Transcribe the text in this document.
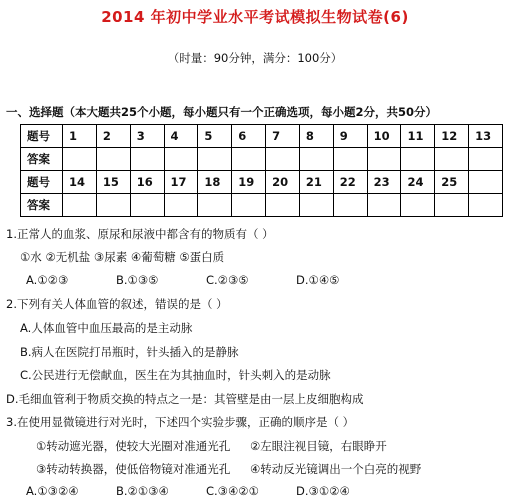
2014 年初中学业水平考试模拟生物试卷(6)
（时量：90分钟，满分：100分）
一、选择题（本大题共25个小题，每小题只有一个正确选项，每小题2分，共50分）
题号	1	2	3	4	5	6	7	8	9	10	11	12	13
答案													
题号	14	15	16	17	18	19	20	21	22	23	24	25	
答案													
1.正常人的血浆、原尿和尿液中都含有的物质有（ ）
①水 ②无机盐 ③尿素 ④葡萄糖 ⑤蛋白质
A.①②③	B.①③⑤	C.②③⑤	D.①④⑤
2.下列有关人体血管的叙述，错误的是（ ）
A.人体血管中血压最高的是主动脉
B.病人在医院打吊瓶时，针头插入的是静脉
C.公民进行无偿献血，医生在为其抽血时，针头刺入的是动脉
D.毛细血管利于物质交换的特点之一是：其管壁是由一层上皮细胞构成
3.在使用显微镜进行对光时，下述四个实验步骤，正确的顺序是（ ）
①转动遮光器，使较大光圈对准通光孔 ②左眼注视目镜，右眼睁开
③转动转换器，使低倍物镜对准通光孔 ④转动反光镜调出一个白亮的视野
A.①③②④	B.②①③④	C.③④②①	D.③①②④
